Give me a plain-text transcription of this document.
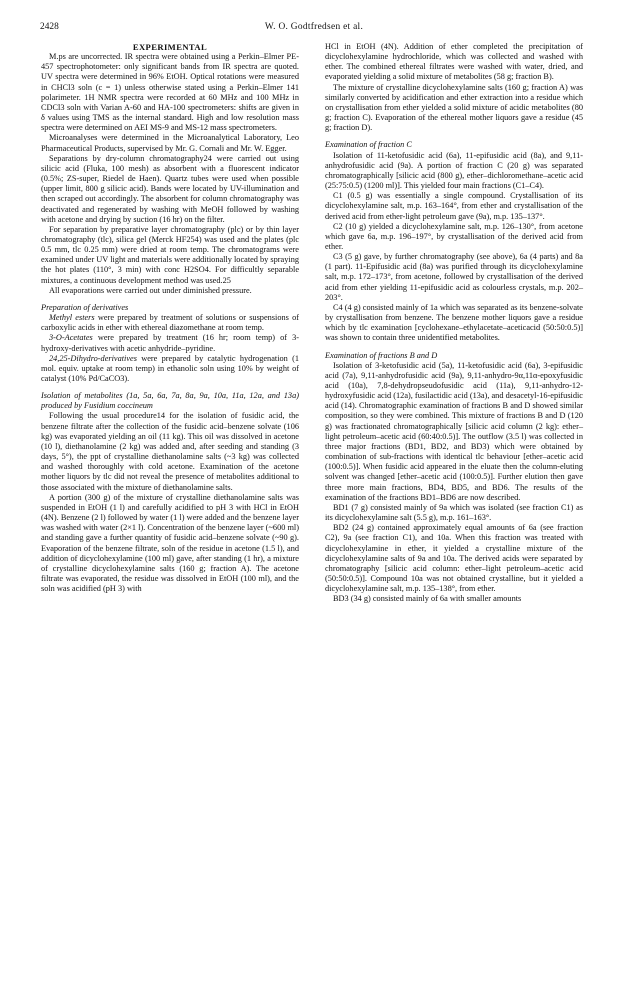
2428	W. O. Godtfredsen et al.
EXPERIMENTAL

M.ps are uncorrected. IR spectra were obtained using a Perkin–Elmer PE-457 spectrophotometer: only significant bands from IR spectra are quoted. UV spectra were determined in 96% EtOH. Optical rotations were measured in CHCl3 soln (c = 1) unless otherwise stated using a Perkin–Elmer 141 polarimeter. 1H NMR spectra were recorded at 60 MHz and 100 MHz in CDCl3 soln with Varian A-60 and HA-100 spectrometers: shifts are given in δ values using TMS as the internal standard. High and low resolution mass spectra were determined on AEI MS-9 and MS-12 mass spectrometers.

Microanalyses were determined in the Microanalytical Laboratory, Leo Pharmaceutical Products, supervised by Mr. G. Cornali and Mr. W. Egger.

Separations by dry-column chromatography24 were carried out using silicic acid (Fluka, 100 mesh) as absorbent with a fluorescent indicator (0.5%; ZS-super, Riedel de Haen). Quartz tubes were used when possible (upper limit, 800 g silicic acid). Bands were located by UV-illumination and then scraped out accordingly. The absorbent for column chromatography was deactivated and regenerated by washing with MeOH followed by washing with acetone and drying by suction (16 hr) on the filter.

For separation by preparative layer chromatography (plc) or by thin layer chromatography (tlc), silica gel (Merck HF254) was used and the plates (plc 0.5 mm, tlc 0.25 mm) were dried at room temp. The chromatograms were examined under UV light and materials were additionally located by spraying the hot plates (110°, 3 min) with conc H2SO4. For difficultly separable mixtures, a continuous development method was used.25

All evaporations were carried out under diminished pressure.

Preparation of derivatives

Methyl esters were prepared by treatment of solutions or suspensions of carboxylic acids in ether with ethereal diazomethane at room temp.

3-O-Acetates were prepared by treatment (16 hr; room temp) of 3-hydroxy-derivatives with acetic anhydride–pyridine.

24,25-Dihydro-derivatives were prepared by catalytic hydrogenation (1 mol. equiv. uptake at room temp) in ethanolic soln using 10% by weight of catalyst (10% Pd/CaCO3).

Isolation of metabolites (1a, 5a, 6a, 7a, 8a, 9a, 10a, 11a, 12a, and 13a) produced by Fusidium coccineum

Following the usual procedure14 for the isolation of fusidic acid, the benzene filtrate after the collection of the fusidic acid–benzene solvate (106 kg) was evaporated yielding an oil (11 kg). This oil was dissolved in acetone (10 l), diethanolamine (2 kg) was added and, after seeding and standing (3 days, 5°), the ppt of crystalline diethanolamine salts (~3 kg) was collected and washed thoroughly with cold acetone. Examination of the acetone mother liquors by tlc did not reveal the presence of metabolites additional to those associated with the mixture of diethanolamine salts.

A portion (300 g) of the mixture of crystalline diethanolamine salts was suspended in EtOH (1 l) and carefully acidified to pH 3 with HCl in EtOH (4N). Benzene (2 l) followed by water (1 l) were added and the benzene layer was washed with water (2×1 l). Concentration of the benzene layer (~600 ml) and standing gave a further quantity of fusidic acid–benzene solvate (~90 g). Evaporation of the benzene filtrate, soln of the residue in acetone (1.5 l), and addition of dicyclohexylamine (100 ml) gave, after standing (1 hr), a mixture of crystalline dicyclohexylamine salts (160 g; fraction A). The acetone filtrate was evaporated, the residue was dissolved in EtOH (100 ml), and the soln was acidified (pH 3) with

HCl in EtOH (4N). Addition of ether completed the precipitation of dicyclohexylamine hydrochloride, which was collected and washed with ether. The combined ethereal filtrates were washed with water, dried, and evaporated yielding a solid mixture of metabolites (58 g; fraction B).

The mixture of crystalline dicyclohexylamine salts (160 g; fraction A) was similarly converted by acidification and ether extraction into a residue which on crystallisation from ether yielded a solid mixture of acidic metabolites (80 g; fraction C). Evaporation of the ethereal mother liquors gave a residue (45 g; fraction D).

Examination of fraction C

Isolation of 11-ketofusidic acid (6a), 11-epifusidic acid (8a), and 9,11-anhydrofusidic acid (9a). A portion of fraction C (20 g) was separated chromatographically [silicic acid (800 g), ether–dichloromethane–acetic acid (25:75:0.5) (1200 ml)]. This yielded four main fractions (C1–C4).

C1 (0.5 g) was essentially a single compound. Crystallisation of its dicyclohexylamine salt, m.p. 163–164°, from ether and crystallisation of the derived acid from ether-light petroleum gave (9a), m.p. 135–137°.

C2 (10 g) yielded a dicyclohexylamine salt, m.p. 126–130°, from acetone which gave 6a, m.p. 196–197°, by crystallisation of the derived acid from ether.

C3 (5 g) gave, by further chromatography (see above), 6a (4 parts) and 8a (1 part). 11-Epifusidic acid (8a) was purified through its dicyclohexylamine salt, m.p. 172–173°, from acetone, followed by crystallisation of the derived acid from ether yielding 11-epifusidic acid as colourless crystals, m.p. 202–203°.

C4 (4 g) consisted mainly of 1a which was separated as its benzene-solvate by crystallisation from benzene. The benzene mother liquors gave a residue which by tlc examination [cyclohexane–ethylacetate–aceticacid (50:50:0.5)] was shown to contain three unidentified metabolites.

Examination of fractions B and D

Isolation of 3-ketofusidic acid (5a), 11-ketofusidic acid (6a), 3-epifusidic acid (7a), 9,11-anhydrofusidic acid (9a), 9,11-anhydro-9α,11α-epoxyfusidic acid (10a), 7,8-dehydropseudofusidic acid (11a), 9,11-anhydro-12-hydroxyfusidic acid (12a), fusilactidic acid (13a), and desacetyl-16-epifusidic acid (14). Chromatographic examination of fractions B and D showed similar composition, so they were combined. This mixture of fractions B and D (120 g) was fractionated chromatographically [silicic acid column (2 kg): ether–light petroleum–acetic acid (60:40:0.5)]. The outflow (3.5 l) was collected in three major fractions (BD1, BD2, and BD3) which were obtained by combination of sub-fractions with identical tlc behaviour [ether–acetic acid (100:0.5)]. When fusidic acid appeared in the eluate then the column-eluting solvent was changed [ether–acetic acid (100:0.5)]. Further elution then gave three more main fractions, BD4, BD5, and BD6. The results of the examination of the fractions BD1–BD6 are now described.

BD1 (7 g) consisted mainly of 9a which was isolated (see fraction C1) as its dicyclohexylamine salt (5.5 g), m.p. 161–163°.

BD2 (24 g) contained approximately equal amounts of 6a (see fraction C2), 9a (see fraction C1), and 10a. When this fraction was treated with dicyclohexylamine in ether, it yielded a crystalline mixture of the dicyclohexylamine salts of 9a and 10a. The derived acids were separated by chromatography [silicic acid column: ether–light petroleum–acetic acid (50:50:0.5)]. Compound 10a was not obtained crystalline, but it yielded a dicyclohexylamine salt, m.p. 135–138°, from ether.

BD3 (34 g) consisted mainly of 6a with smaller amounts
